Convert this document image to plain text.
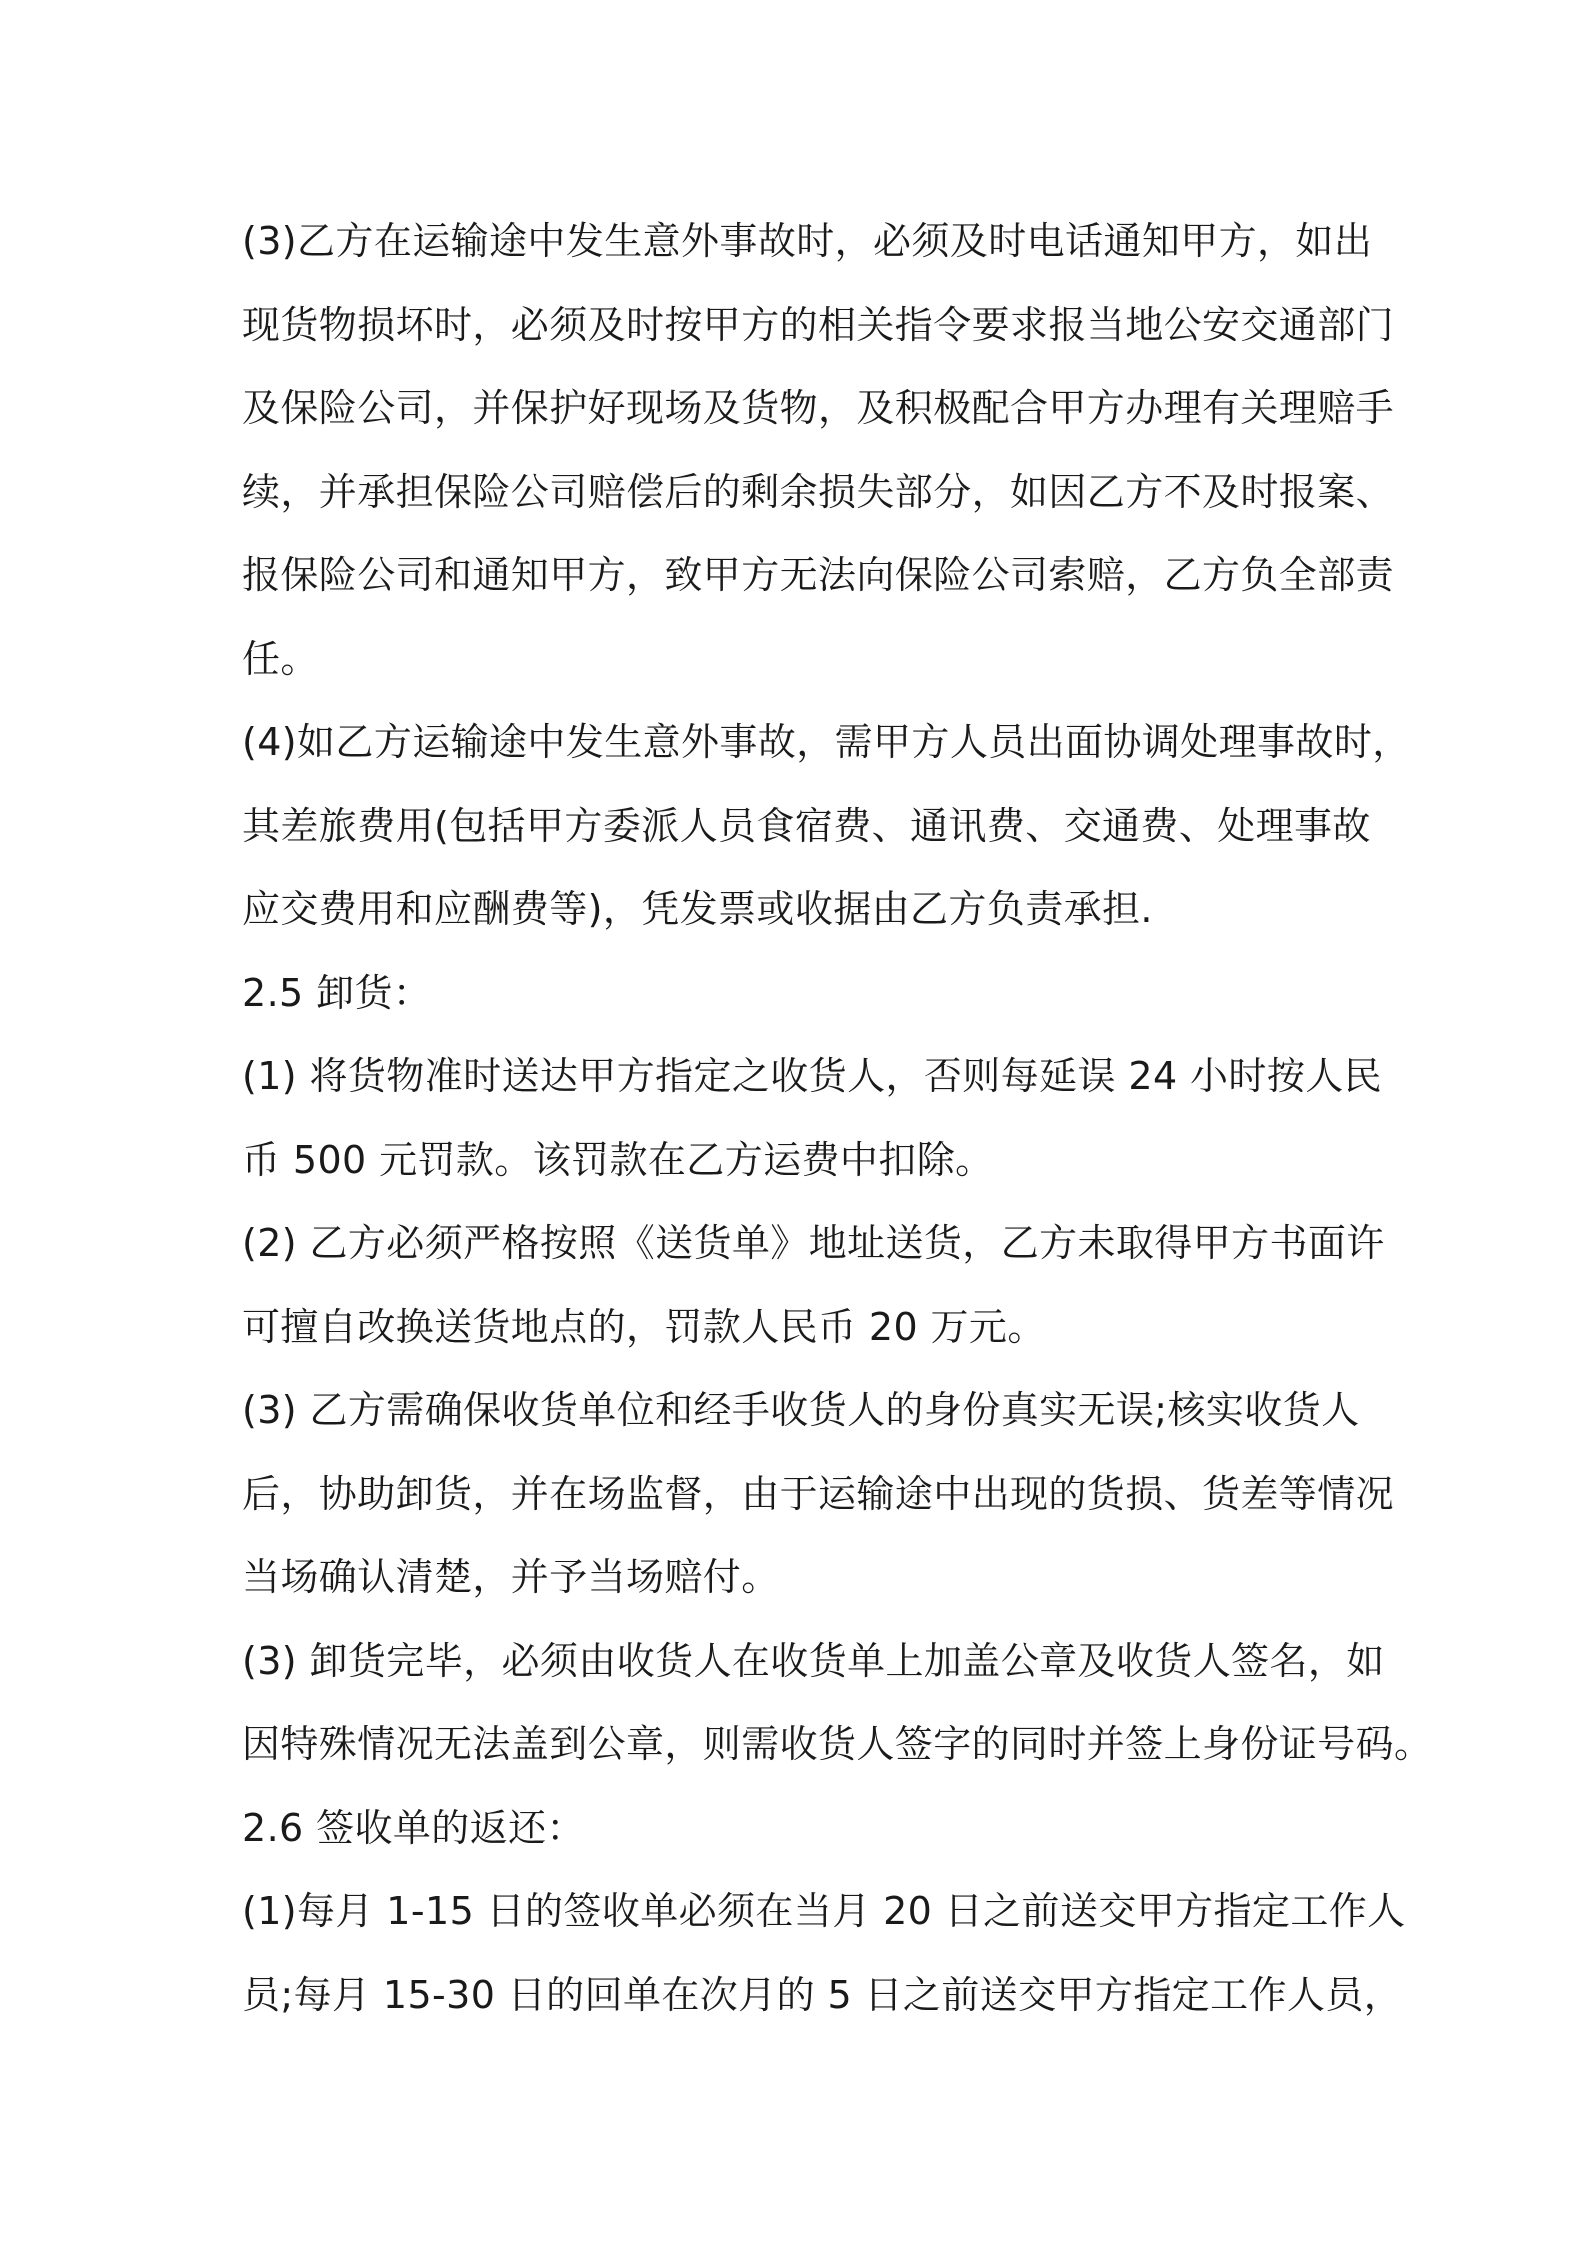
(3)乙方在运输途中发生意外事故时，必须及时电话通知甲方，如出
现货物损坏时，必须及时按甲方的相关指令要求报当地公安交通部门
及保险公司，并保护好现场及货物，及积极配合甲方办理有关理赔手
续，并承担保险公司赔偿后的剩余损失部分，如因乙方不及时报案、
报保险公司和通知甲方，致甲方无法向保险公司索赔，乙方负全部责
任。
(4)如乙方运输途中发生意外事故，需甲方人员出面协调处理事故时，
其差旅费用(包括甲方委派人员食宿费、通讯费、交通费、处理事故
应交费用和应酬费等)，凭发票或收据由乙方负责承担.
2.5 卸货：
(1) 将货物准时送达甲方指定之收货人，否则每延误 24 小时按人民
币 500 元罚款。该罚款在乙方运费中扣除。
(2) 乙方必须严格按照《送货单》地址送货，乙方未取得甲方书面许
可擅自改换送货地点的，罚款人民币 20 万元。
(3) 乙方需确保收货单位和经手收货人的身份真实无误;核实收货人
后，协助卸货，并在场监督，由于运输途中出现的货损、货差等情况
当场确认清楚，并予当场赔付。
(3) 卸货完毕，必须由收货人在收货单上加盖公章及收货人签名，如
因特殊情况无法盖到公章，则需收货人签字的同时并签上身份证号码。
2.6 签收单的返还：
(1)每月 1-15 日的签收单必须在当月 20 日之前送交甲方指定工作人
员;每月 15-30 日的回单在次月的 5 日之前送交甲方指定工作人员，
